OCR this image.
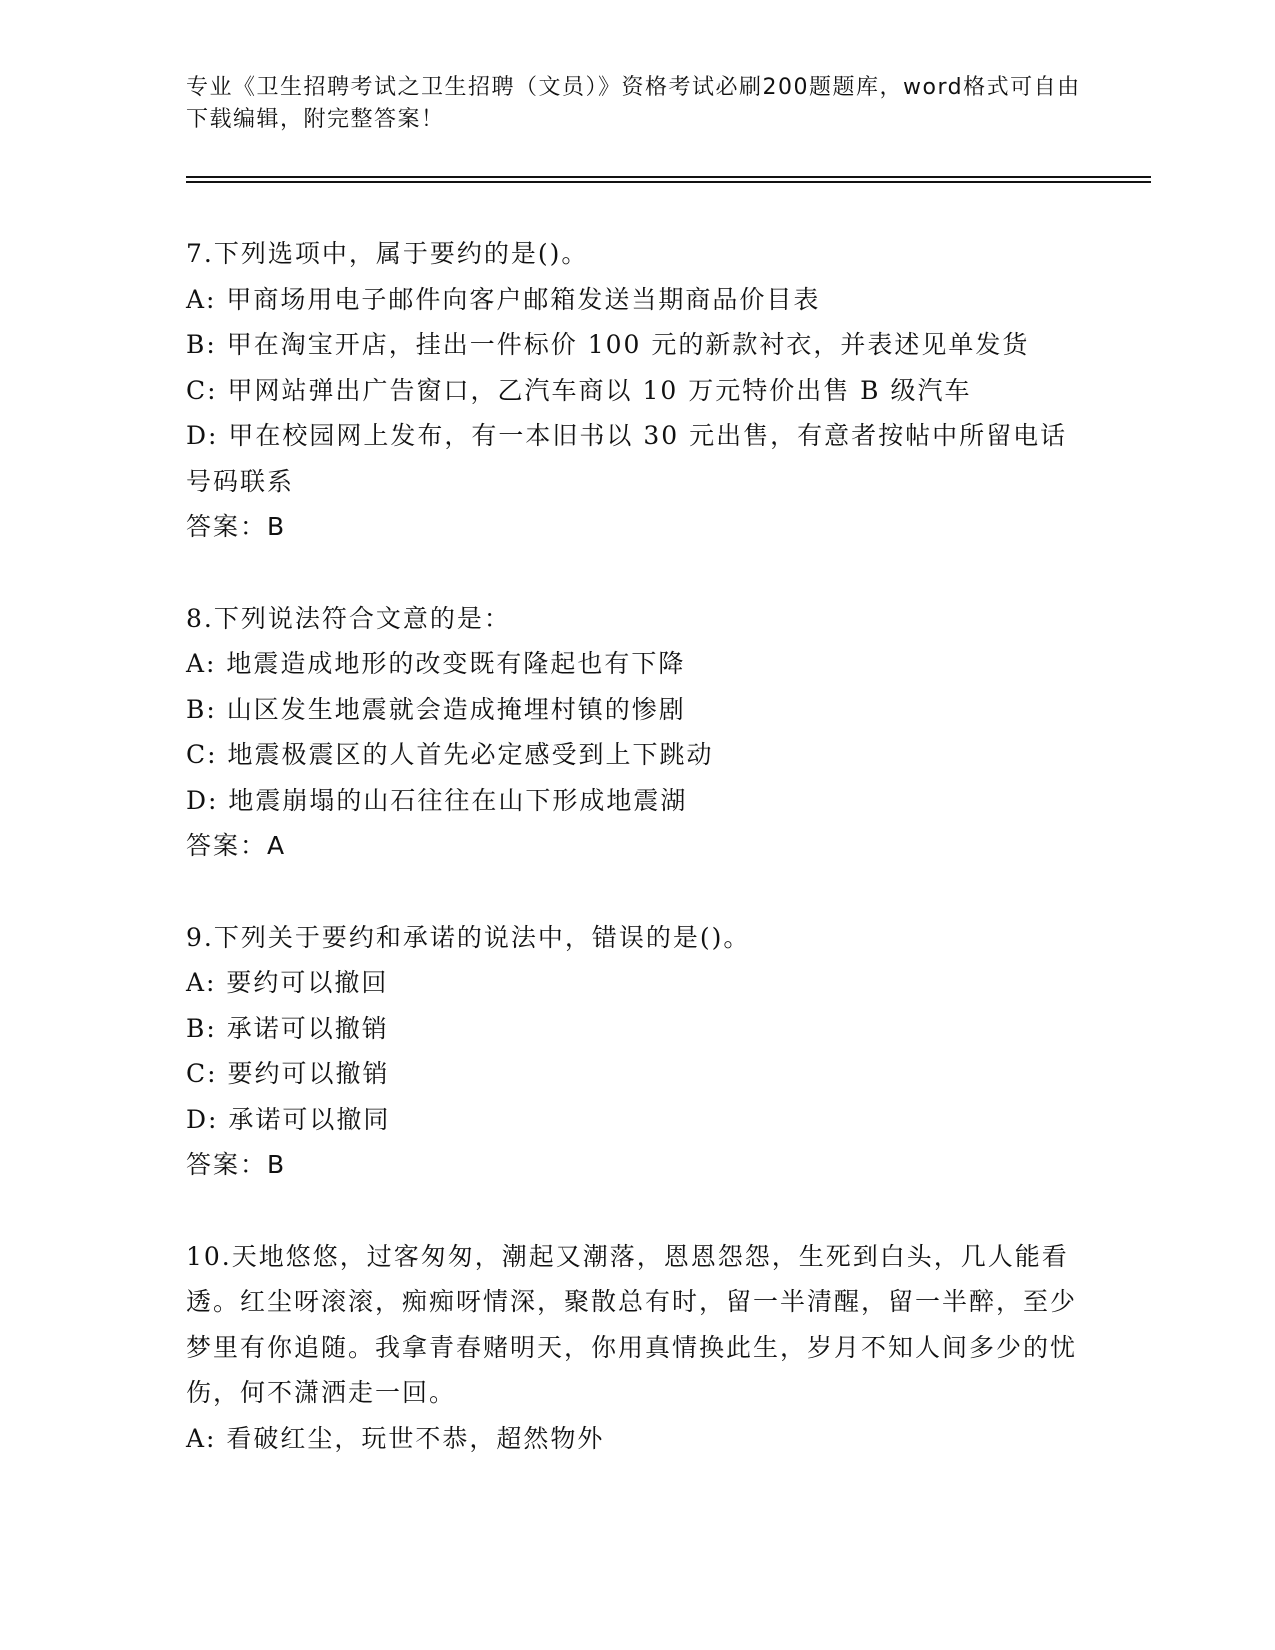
专业《卫生招聘考试之卫生招聘（文员）》资格考试必刷200题题库，word格式可自由下载编辑，附完整答案！
7.下列选项中，属于要约的是()。
A: 甲商场用电子邮件向客户邮箱发送当期商品价目表
B: 甲在淘宝开店，挂出一件标价 100 元的新款衬衣，并表述见单发货
C: 甲网站弹出广告窗口，乙汽车商以 10 万元特价出售 B 级汽车
D: 甲在校园网上发布，有一本旧书以 30 元出售，有意者按帖中所留电话号码联系
答案：B
8.下列说法符合文意的是：
A: 地震造成地形的改变既有隆起也有下降
B: 山区发生地震就会造成掩埋村镇的惨剧
C: 地震极震区的人首先必定感受到上下跳动
D: 地震崩塌的山石往往在山下形成地震湖
答案：A
9.下列关于要约和承诺的说法中，错误的是()。
A: 要约可以撤回
B: 承诺可以撤销
C: 要约可以撤销
D: 承诺可以撤同
答案：B
10.天地悠悠，过客匆匆，潮起又潮落，恩恩怨怨，生死到白头，几人能看透。红尘呀滚滚，痴痴呀情深，聚散总有时，留一半清醒，留一半醉，至少梦里有你追随。我拿青春赌明天，你用真情换此生，岁月不知人间多少的忧伤，何不潇洒走一回。
A: 看破红尘，玩世不恭，超然物外
